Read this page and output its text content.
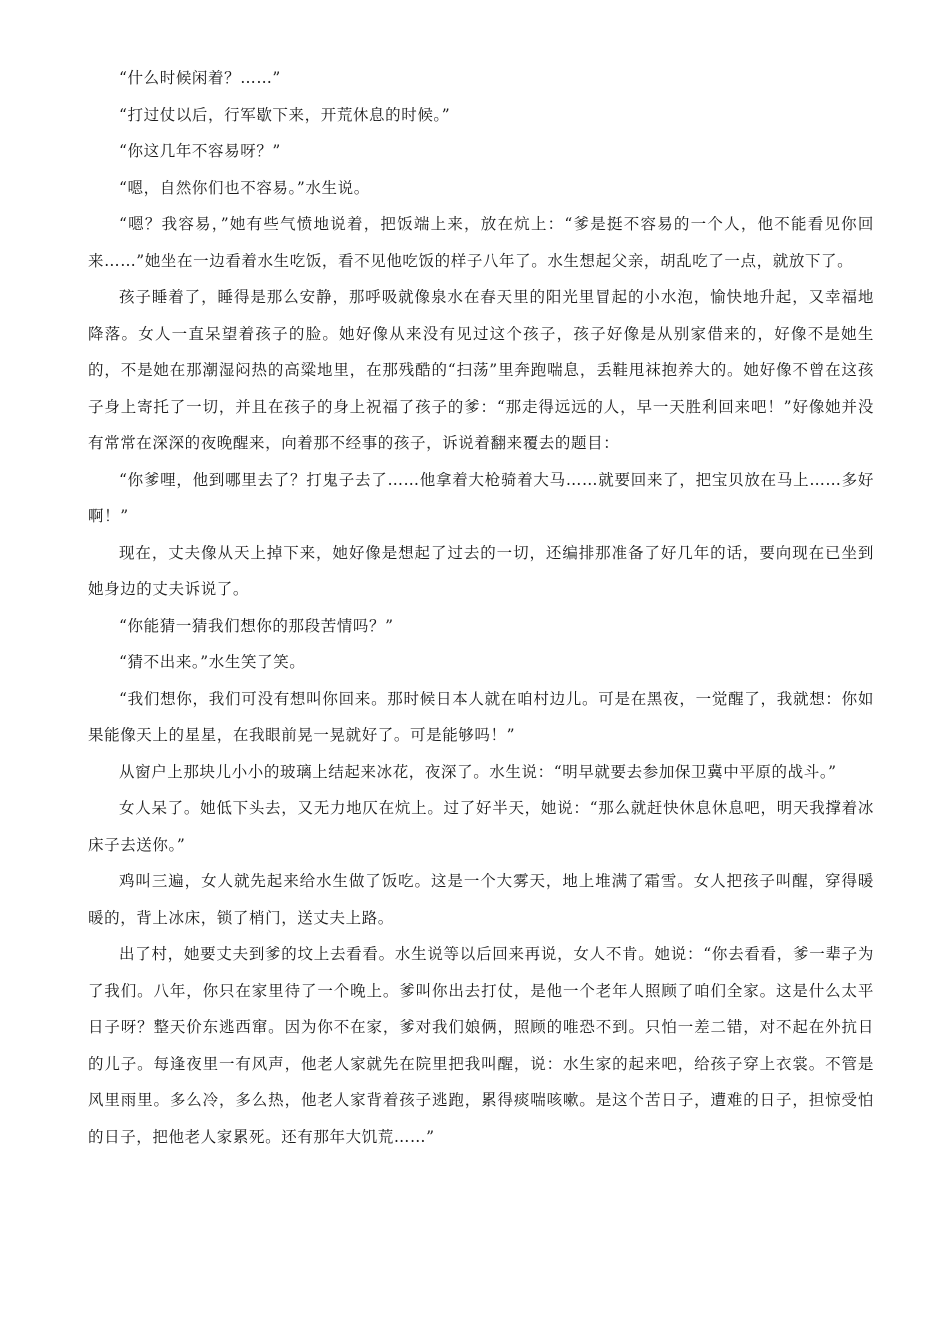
“什么时候闲着？……”

“打过仗以后，行军歇下来，开荒休息的时候。”

“你这几年不容易呀？”

“嗯，自然你们也不容易。”水生说。

“嗯？我容易，”她有些气愤地说着，把饭端上来，放在炕上：“爹是挺不容易的一个人，他不能看见你回来……”她坐在一边看着水生吃饭，看不见他吃饭的样子八年了。水生想起父亲，胡乱吃了一点，就放下了。

孩子睡着了，睡得是那么安静，那呼吸就像泉水在春天里的阳光里冒起的小水泡，愉快地升起，又幸福地降落。女人一直呆望着孩子的脸。她好像从来没有见过这个孩子，孩子好像是从别家借来的，好像不是她生的，不是她在那潮湿闷热的高粱地里，在那残酷的“扫荡”里奔跑喘息，丢鞋甩袜抱养大的。她好像不曾在这孩子身上寄托了一切，并且在孩子的身上祝福了孩子的爹：“那走得远远的人，早一天胜利回来吧！”好像她并没有常常在深深的夜晚醒来，向着那不经事的孩子，诉说着翻来覆去的题目：

“你爹哩，他到哪里去了？打鬼子去了……他拿着大枪骑着大马……就要回来了，把宝贝放在马上……多好啊！”

现在，丈夫像从天上掉下来，她好像是想起了过去的一切，还编排那准备了好几年的话，要向现在已坐到她身边的丈夫诉说了。

“你能猜一猜我们想你的那段苦情吗？”

“猜不出来。”水生笑了笑。

“我们想你，我们可没有想叫你回来。那时候日本人就在咱村边儿。可是在黑夜，一觉醒了，我就想：你如果能像天上的星星，在我眼前晃一晃就好了。可是能够吗！”

从窗户上那块儿小小的玻璃上结起来冰花，夜深了。水生说：“明早就要去参加保卫冀中平原的战斗。”

女人呆了。她低下头去，又无力地仄在炕上。过了好半天，她说：“那么就赶快休息休息吧，明天我撑着冰床子去送你。”

鸡叫三遍，女人就先起来给水生做了饭吃。这是一个大雾天，地上堆满了霜雪。女人把孩子叫醒，穿得暖暖的，背上冰床，锁了梢门，送丈夫上路。

出了村，她要丈夫到爹的坟上去看看。水生说等以后回来再说，女人不肯。她说：“你去看看，爹一辈子为了我们。八年，你只在家里待了一个晚上。爹叫你出去打仗，是他一个老年人照顾了咱们全家。这是什么太平日子呀？整天价东逃西窜。因为你不在家，爹对我们娘俩，照顾的唯恐不到。只怕一差二错，对不起在外抗日的儿子。每逢夜里一有风声，他老人家就先在院里把我叫醒，说：水生家的起来吧，给孩子穿上衣裳。不管是风里雨里。多么冷，多么热，他老人家背着孩子逃跑，累得痰喘咳嗽。是这个苦日子，遭难的日子，担惊受怕的日子，把他老人家累死。还有那年大饥荒……”
